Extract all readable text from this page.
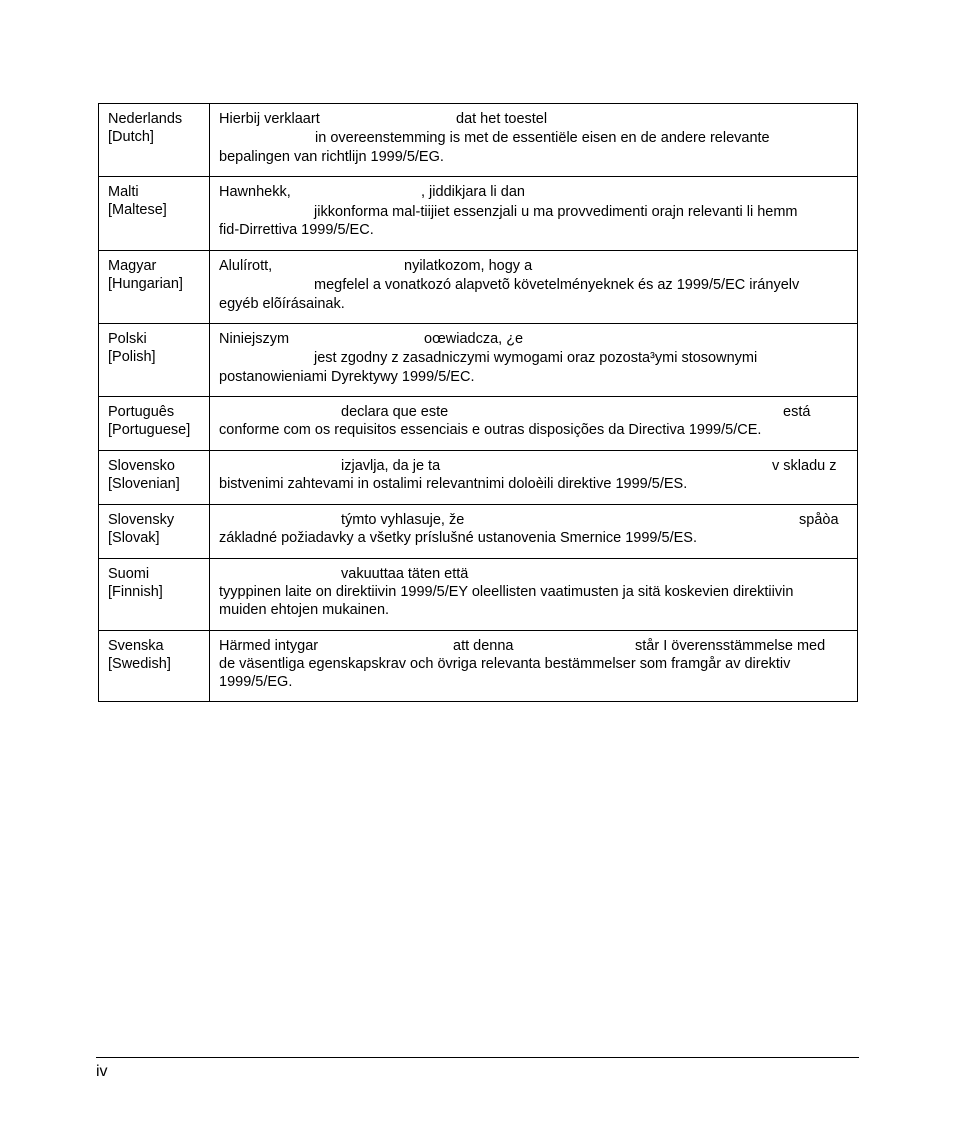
Nederlands
[Dutch]	Hierbij verklaart dat het toestel
in overeenstemming is met de essentiële eisen en de andere relevante
bepalingen van richtlijn 1999/5/EG.

Malti
[Maltese]	Hawnhekk, , jiddikjara li dan
jikkonforma mal-tiijiet essenzjali u ma provvedimenti orajn relevanti li hemm
fid-Dirrettiva 1999/5/EC.

Magyar
[Hungarian]	Alulírott, nyilatkozom, hogy a
megfelel a vonatkozó alapvetõ követelményeknek és az 1999/5/EC irányelv
egyéb elõírásainak.

Polski
[Polish]	Niniejszym oœwiadcza, ¿e
jest zgodny z zasadniczymi wymogami oraz pozosta³ymi stosownymi
postanowieniami Dyrektywy 1999/5/EC.

Português
[Portuguese]	declara que este está
conforme com os requisitos essenciais e outras disposições da Directiva 1999/5/CE.

Slovensko
[Slovenian]	izjavlja, da je ta v skladu z
bistvenimi zahtevami in ostalimi relevantnimi doloèili direktive 1999/5/ES.

Slovensky
[Slovak]	týmto vyhlasuje, že spåòa
základné požiadavky a všetky príslušné ustanovenia Smernice 1999/5/ES.

Suomi
[Finnish]	vakuuttaa täten että
tyyppinen laite on direktiivin 1999/5/EY oleellisten vaatimusten ja sitä koskevien direktiivin
muiden ehtojen mukainen.

Svenska
[Swedish]	Härmed intygar att denna står I överensstämmelse med
de väsentliga egenskapskrav och övriga relevanta bestämmelser som framgår av direktiv
1999/5/EG.
iv
